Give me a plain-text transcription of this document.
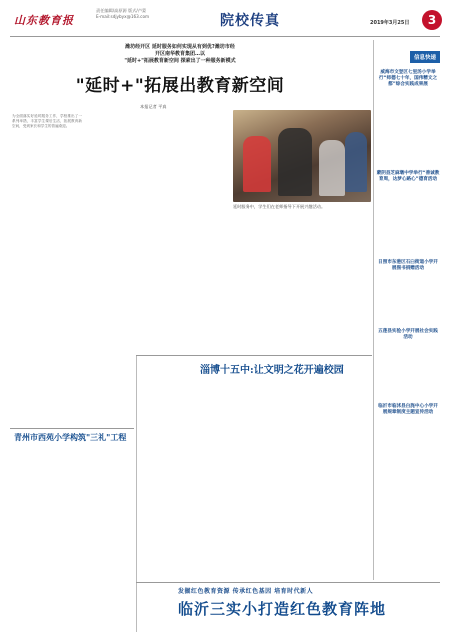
山东教育报
责任编辑/高原源 版式/卢蒙
E-mail:sdjybyx@163.com	院校传真	2019年3月25日	3
潍坊经开区 延时服务如何实现从有到优?潍坊市经
开区南华教育集团…以
"延时+"拓展教育新空间 探索出了一种服务新模式
"延时+"拓展出教育新空间
本报记者 平真
为全面落实好延时服务工作，学校推出了一系列举措，丰富学生课后生活，拓展教育新空间，受到家长和学生的普遍欢迎。
延时服务中，学生们在老师指导下开展兴趣活动。
淄博十五中:让文明之花开遍校园
青州市西苑小学构筑"三礼"工程
发掘红色教育资源 传承红色基因 培育时代新人
临沂三实小打造红色教育阵地
信息快递
威海市文登区七里汤小学举行“师德七十年，国伟精文之都”综合实践成果展
蒙阴县芝麻墩中学举行“善诚教育周，达梦心路心”德育活动
日照市东港区石臼街道小学开展图书捐赠活动
五莲县实验小学开展社会实践活动
临沂市临沭县白旄中心小学开展规章制度主题宣传活动
